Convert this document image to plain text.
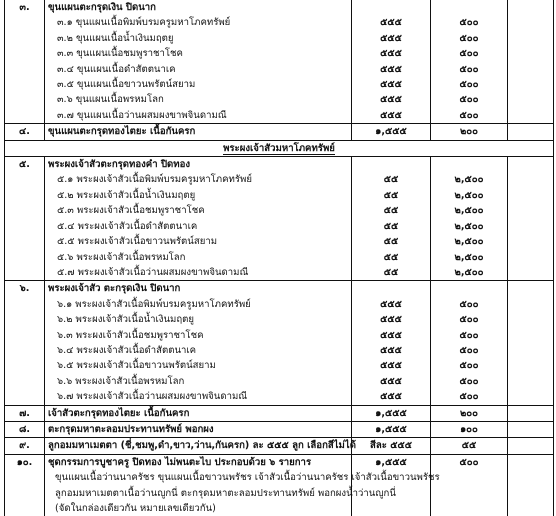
๓.	ขุนแผนตะกรุดเงิน ปิดนาก			
	๓.๑ ขุนแผนเนื้อพิมพ์บรมครูมหาโภคทรัพย์	๕๕๕	๕๐๐	
	๓.๒ ขุนแผนเนื้อน้ำเงินมฤตยู	๕๕๕	๕๐๐	
	๓.๓ ขุนแผนเนื้อชมพูราชาโชค	๕๕๕	๕๐๐	
	๓.๔ ขุนแผนเนื้อดำสัตตนาเค	๕๕๕	๕๐๐	
	๓.๕ ขุนแผนเนื้อขาวนพรัตน์สยาม	๕๕๕	๕๐๐	
	๓.๖ ขุนแผนเนื้อพรหมโลก	๕๕๕	๕๐๐	
	๓.๗ ขุนแผนเนื้อว่านผสมผงขาพจินดามณี	๕๕๕	๕๐๐	
๔.	ขุนแผนตะกรุดทองไตยะ เนื้อกันครก	๑,๕๕๕	๒๐๐	
พระผงเจ้าสัวมหาโภคทรัพย์				
๕.	พระผงเจ้าสัวตะกรุดทองคำ ปิดทอง			
	๕.๑ พระผงเจ้าสัวเนื้อพิมพ์บรมครูมหาโภคทรัพย์	๕๕	๒,๕๐๐	
	๕.๒ พระผงเจ้าสัวเนื้อน้ำเงินมฤตยู	๕๕	๒,๕๐๐	
	๕.๓ พระผงเจ้าสัวเนื้อชมพูราชาโชค	๕๕	๒,๕๐๐	
	๕.๔ พระผงเจ้าสัวเนื้อดำสัตตนาเค	๕๕	๒,๕๐๐	
	๕.๕ พระผงเจ้าสัวเนื้อขาวนพรัตน์สยาม	๕๕	๒,๕๐๐	
	๕.๖ พระผงเจ้าสัวเนื้อพรหมโลก	๕๕	๒,๕๐๐	
	๕.๗ พระผงเจ้าสัวเนื้อว่านผสมผงขาพจินดามณี	๕๕	๒,๕๐๐	
๖.	พระผงเจ้าสัว ตะกรุดเงิน ปิดนาก			
	๖.๑ พระผงเจ้าสัวเนื้อพิมพ์บรมครูมหาโภคทรัพย์	๕๕๕	๕๐๐	
	๖.๒ พระผงเจ้าสัวเนื้อน้ำเงินมฤตยู	๕๕๕	๕๐๐	
	๖.๓ พระผงเจ้าสัวเนื้อชมพูราชาโชค	๕๕๕	๕๐๐	
	๖.๔ พระผงเจ้าสัวเนื้อดำสัตตนาเค	๕๕๕	๕๐๐	
	๖.๕ พระผงเจ้าสัวเนื้อขาวนพรัตน์สยาม	๕๕๕	๕๐๐	
	๖.๖ พระผงเจ้าสัวเนื้อพรหมโลก	๕๕๕	๕๐๐	
	๖.๗ พระผงเจ้าสัวเนื้อว่านผสมผงขาพจินดามณี	๕๕๕	๕๐๐	
๗.	เจ้าสัวตะกรุดทองไตยะ เนื้อกันครก	๑,๕๕๕	๒๐๐	
๘.	ตะกรุดมหาตะลอมประทานทรัพย์ พอกผง	๑,๕๕๕	๑๐๐	
๙.	ลูกอมมหาเมตตา (ชี่,ชมพู,ดำ,ขาว,ว่าน,กันครก) ละ ๕๕๕ ลูก เลือกสีไม่ได้	สีละ ๕๕๕	๕๕	
๑๐.	ชุดกรรมการบูชาครู ปิดทอง ไม่พนตะไบ ประกอบด้วย ๖ รายการ	๑,๕๕๕	๕๐๐	
	ขุนแผนเนื้อว่านนาครัชร ขุนแผนเนื้อขาวนพรัชร เจ้าสัวเนื้อว่านนาครัชร เจ้าสัวเนื้อขาวนพรัชร			
	ลูกอมมหาเมตตาเนื้อว่านญูกนี่ ตะกรุดมหาตะลอมประทานทรัพย์ พอกผงน้ำว่านญูกนี่			
	(จัดในกล่องเดียวกัน หมายเลขเดียวกัน)			
